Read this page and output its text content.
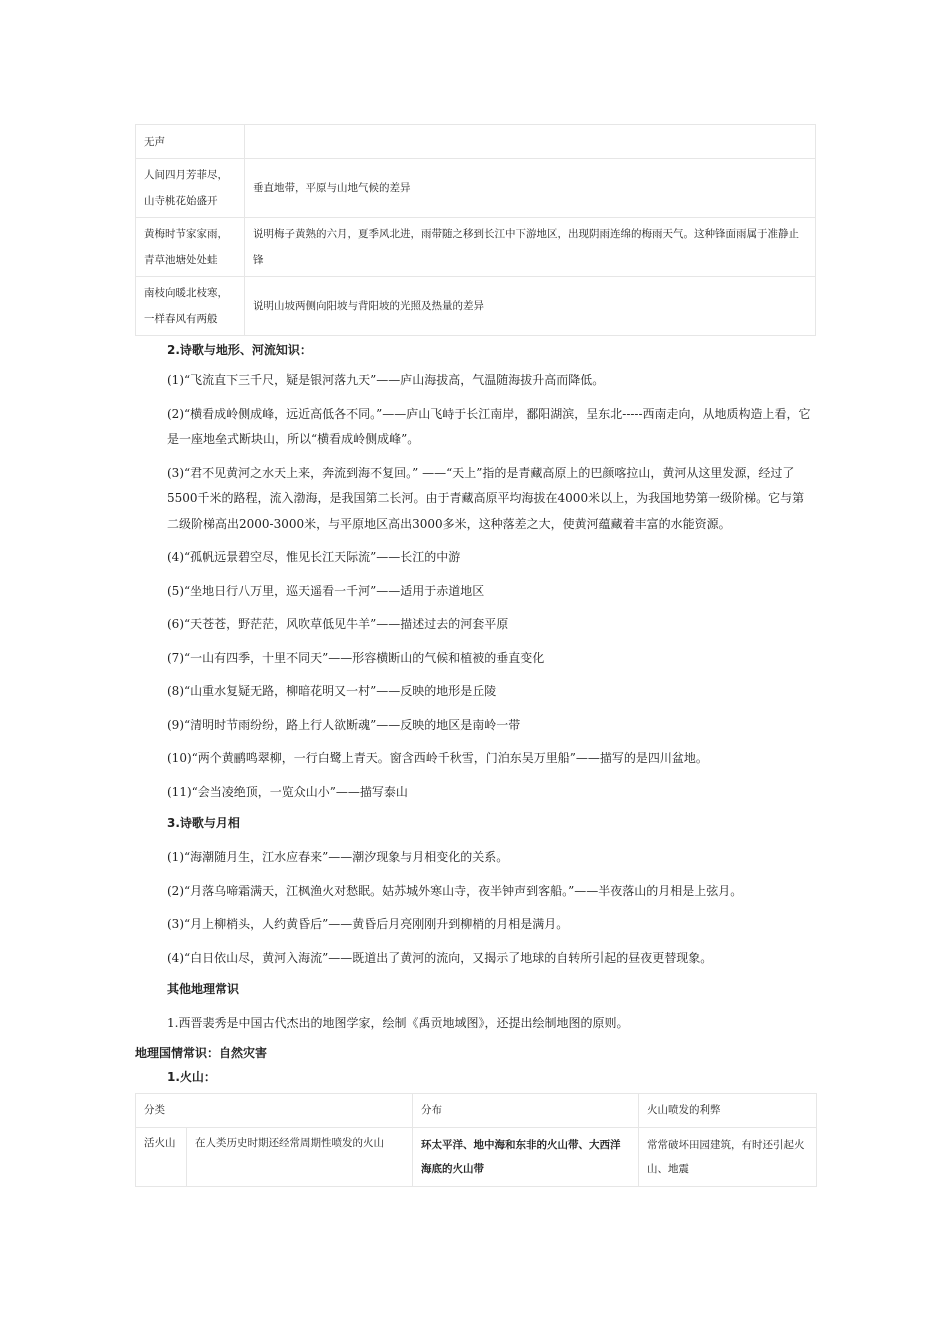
无声	
人间四月芳菲尽，山寺桃花始盛开	垂直地带，平原与山地气候的差异
黄梅时节家家雨，青草池塘处处蛙	说明梅子黄熟的六月，夏季风北进，雨带随之移到长江中下游地区，出现阴雨连绵的梅雨天气。这种锋面雨属于准静止锋
南枝向暖北枝寒，一样春风有两般	说明山坡两侧向阳坡与背阳坡的光照及热量的差异

2.诗歌与地形、河流知识：

(1)“飞流直下三千尺，疑是银河落九天”——庐山海拔高，气温随海拔升高而降低。

(2)“横看成岭侧成峰，远近高低各不同。”——庐山飞峙于长江南岸，鄱阳湖滨，呈东北-----西南走向，从地质构造上看，它是一座地垒式断块山，所以“横看成岭侧成峰”。

(3)“君不见黄河之水天上来，奔流到海不复回。” ——“天上”指的是青藏高原上的巴颜喀拉山，黄河从这里发源，经过了5500千米的路程，流入渤海，是我国第二长河。由于青藏高原平均海拔在4000米以上，为我国地势第一级阶梯。它与第二级阶梯高出2000-3000米，与平原地区高出3000多米，这种落差之大，使黄河蕴藏着丰富的水能资源。

(4)“孤帆远景碧空尽，惟见长江天际流”——长江的中游

(5)“坐地日行八万里，巡天遥看一千河”——适用于赤道地区

(6)“天苍苍，野茫茫，风吹草低见牛羊”——描述过去的河套平原

(7)“一山有四季，十里不同天”——形容横断山的气候和植被的垂直变化

(8)“山重水复疑无路，柳暗花明又一村”——反映的地形是丘陵

(9)“清明时节雨纷纷，路上行人欲断魂”——反映的地区是南岭一带

(10)“两个黄鹂鸣翠柳，一行白鹭上青天。窗含西岭千秋雪，门泊东吴万里船”——描写的是四川盆地。

(11)“会当凌绝顶，一览众山小”——描写泰山

3.诗歌与月相

(1)“海潮随月生，江水应春来”——潮汐现象与月相变化的关系。

(2)“月落乌啼霜满天，江枫渔火对愁眠。姑苏城外寒山寺，夜半钟声到客船。”——半夜落山的月相是上弦月。

(3)“月上柳梢头，人约黄昏后”——黄昏后月亮刚刚升到柳梢的月相是满月。

(4)“白日依山尽，黄河入海流”——既道出了黄河的流向，又揭示了地球的自转所引起的昼夜更替现象。

其他地理常识

1.西晋裴秀是中国古代杰出的地图学家，绘制《禹贡地域图》，还提出绘制地图的原则。

地理国情常识：自然灾害

1.火山：

分类		分布	火山喷发的利弊
活火山	在人类历史时期还经常周期性喷发的火山	环太平洋、地中海和东非的火山带、大西洋海底的火山带	常常破坏田园建筑，有时还引起火山、地震
